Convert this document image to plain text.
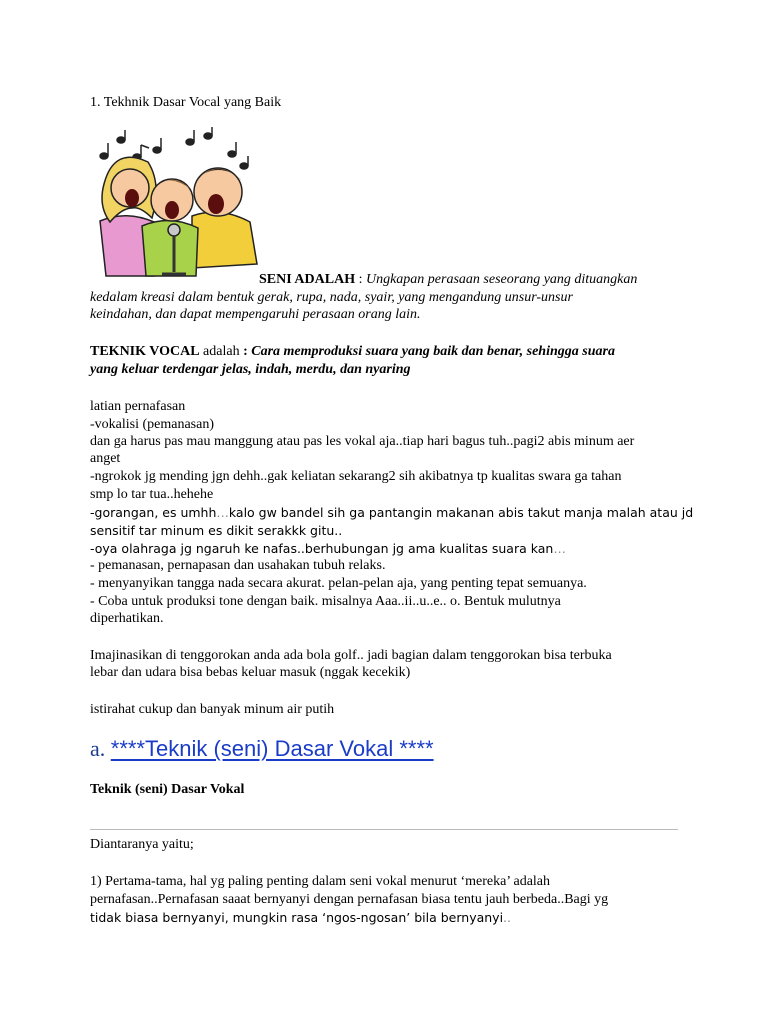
1. Tekhnik Dasar Vocal yang Baik
SENI ADALAH : Ungkapan perasaan seseorang yang dituangkan
kedalam kreasi dalam bentuk gerak, rupa, nada, syair, yang mengandung unsur-unsur
keindahan, dan dapat mempengaruhi perasaan orang lain.
TEKNIK VOCAL adalah : Cara memproduksi suara yang baik dan benar, sehingga suara
yang keluar terdengar jelas, indah, merdu, dan nyaring
latian pernafasan
-vokalisi (pemanasan)
dan ga harus pas mau manggung atau pas les vokal aja..tiap hari bagus tuh..pagi2 abis minum aer
anget
-ngrokok jg mending jgn dehh..gak keliatan sekarang2 sih akibatnya tp kualitas swara ga tahan
smp lo tar tua..hehehe
-gorangan, es umhh…kalo gw bandel sih ga pantangin makanan abis takut manja malah atau jd
sensitif tar minum es dikit serakkk gitu..
-oya olahraga jg ngaruh ke nafas..berhubungan jg ama kualitas suara kan…
- pemanasan, pernapasan dan usahakan tubuh relaks.
- menyanyikan tangga nada secara akurat. pelan-pelan aja, yang penting tepat semuanya.
- Coba untuk produksi tone dengan baik. misalnya Aaa..ii..u..e.. o. Bentuk mulutnya
diperhatikan.
Imajinasikan di tenggorokan anda ada bola golf.. jadi bagian dalam tenggorokan bisa terbuka
lebar dan udara bisa bebas keluar masuk (nggak kecekik)
istirahat cukup dan banyak minum air putih
a. ****Teknik (seni) Dasar Vokal ****
Teknik (seni) Dasar Vokal
Diantaranya yaitu;
1) Pertama-tama, hal yg paling penting dalam seni vokal menurut ‘mereka’ adalah
pernafasan..Pernafasan saaat bernyanyi dengan pernafasan biasa tentu jauh berbeda..Bagi yg
tidak biasa bernyanyi, mungkin rasa ‘ngos-ngosan’ bila bernyanyi..
